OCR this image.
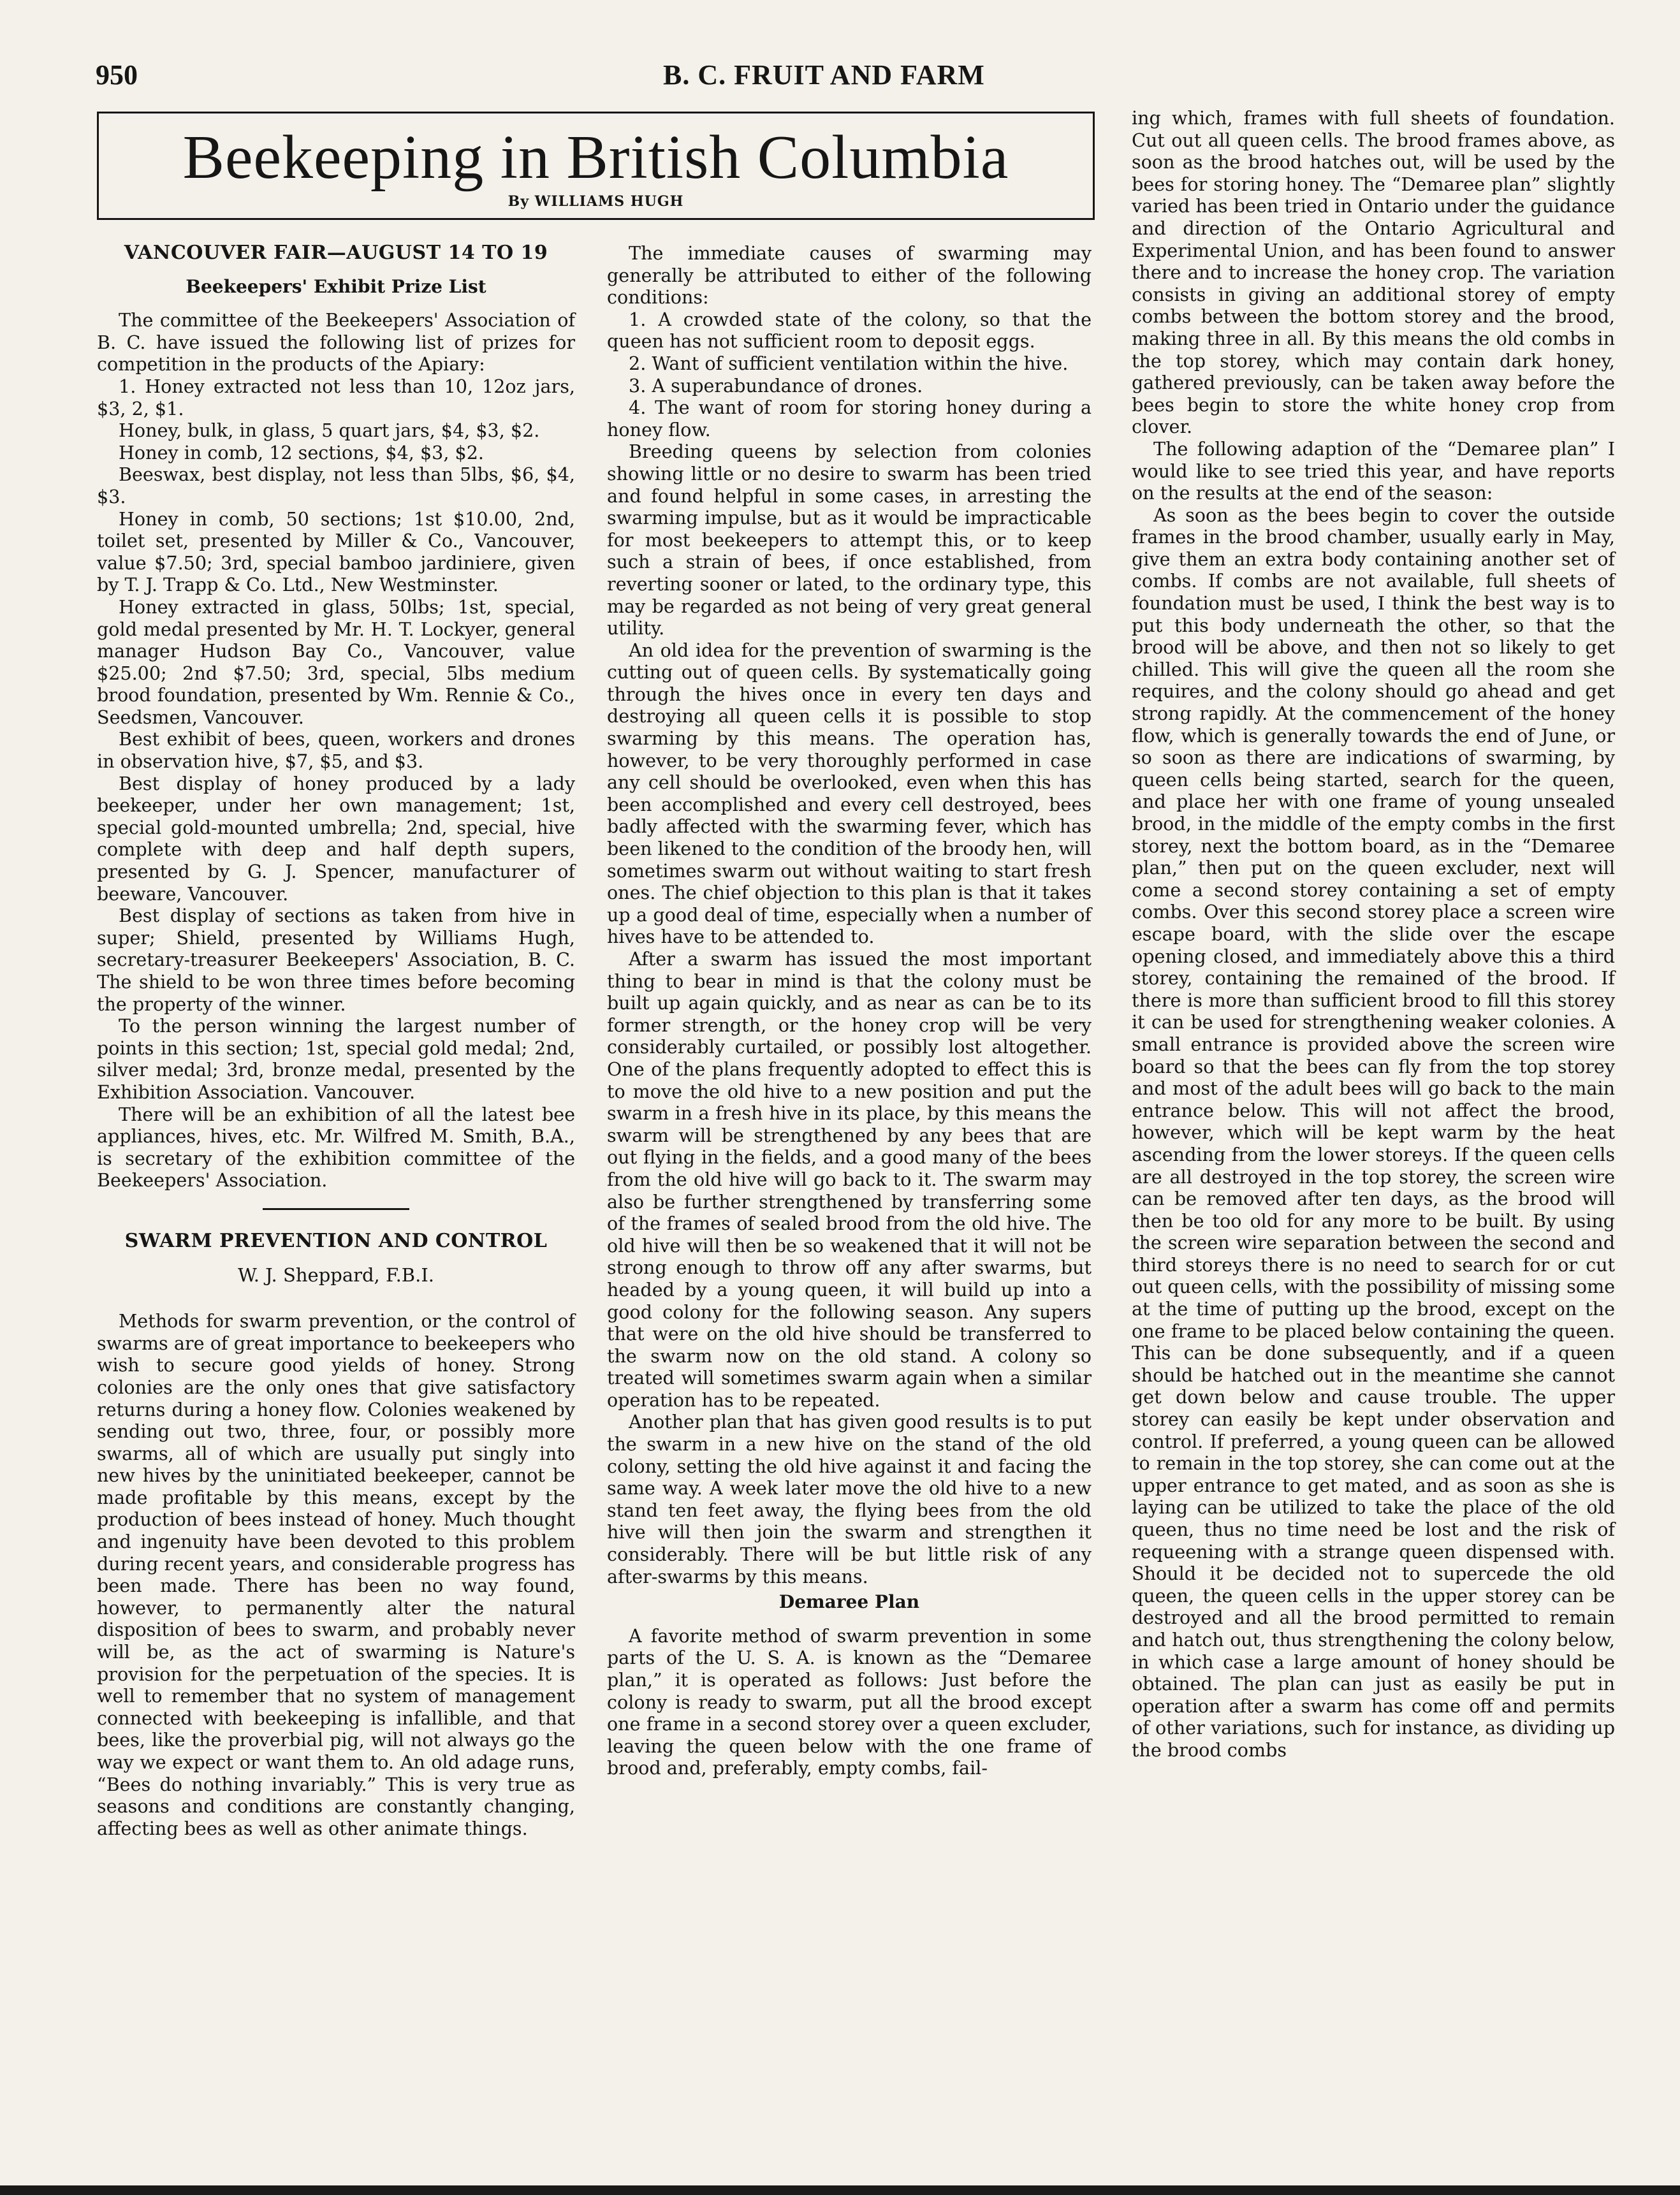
950	B. C. FRUIT AND FARM
Beekeeping in British Columbia
By WILLIAMS HUGH
VANCOUVER FAIR—AUGUST 14 TO 19
Beekeepers' Exhibit Prize List

The committee of the Beekeepers' Association of B. C. have issued the following list of prizes for competition in the products of the Apiary:

1. Honey extracted not less than 10, 12oz jars, $3, 2, $1.

Honey, bulk, in glass, 5 quart jars, $4, $3, $2.

Honey in comb, 12 sections, $4, $3, $2.

Beeswax, best display, not less than 5lbs, $6, $4, $3.

Honey in comb, 50 sections; 1st $10.00, 2nd, toilet set, presented by Miller & Co., Vancouver, value $7.50; 3rd, special bamboo jardiniere, given by T. J. Trapp & Co. Ltd., New Westminster.

Honey extracted in glass, 50lbs; 1st, special, gold medal presented by Mr. H. T. Lockyer, general manager Hudson Bay Co., Vancouver, value $25.00; 2nd $7.50; 3rd, special, 5lbs medium brood foundation, presented by Wm. Rennie & Co., Seedsmen, Vancouver.

Best exhibit of bees, queen, workers and drones in observation hive, $7, $5, and $3.

Best display of honey produced by a lady beekeeper, under her own management; 1st, special gold-mounted umbrella; 2nd, special, hive complete with deep and half depth supers, presented by G. J. Spencer, manufacturer of beeware, Vancouver.

Best display of sections as taken from hive in super; Shield, presented by Williams Hugh, secretary-treasurer Beekeepers' Association, B. C. The shield to be won three times before becoming the property of the winner.

To the person winning the largest number of points in this section; 1st, special gold medal; 2nd, silver medal; 3rd, bronze medal, presented by the Exhibition Association. Vancouver.

There will be an exhibition of all the latest bee appliances, hives, etc. Mr. Wilfred M. Smith, B.A., is secretary of the exhibition committee of the Beekeepers' Association.

SWARM PREVENTION AND CONTROL
W. J. Sheppard, F.B.I.

Methods for swarm prevention, or the control of swarms are of great importance to beekeepers who wish to secure good yields of honey. Strong colonies are the only ones that give satisfactory returns during a honey flow. Colonies weakened by sending out two, three, four, or possibly more swarms, all of which are usually put singly into new hives by the uninitiated beekeeper, cannot be made profitable by this means, except by the production of bees instead of honey. Much thought and ingenuity have been devoted to this problem during recent years, and considerable progress has been made. There has been no way found, however, to permanently alter the natural disposition of bees to swarm, and probably never will be, as the act of swarming is Nature's provision for the perpetuation of the species. It is well to remember that no system of management connected with beekeeping is infallible, and that bees, like the proverbial pig, will not always go the way we expect or want them to. An old adage runs, “Bees do nothing invariably.” This is very true as seasons and conditions are constantly changing, affecting bees as well as other animate things.

The immediate causes of swarming may generally be attributed to either of the following conditions:

1. A crowded state of the colony, so that the queen has not sufficient room to deposit eggs.

2. Want of sufficient ventilation within the hive.

3. A superabundance of drones.

4. The want of room for storing honey during a honey flow.

Breeding queens by selection from colonies showing little or no desire to swarm has been tried and found helpful in some cases, in arresting the swarming impulse, but as it would be impracticable for most beekeepers to attempt this, or to keep such a strain of bees, if once established, from reverting sooner or lated, to the ordinary type, this may be regarded as not being of very great general utility.

An old idea for the prevention of swarming is the cutting out of queen cells. By systematically going through the hives once in every ten days and destroying all queen cells it is possible to stop swarming by this means. The operation has, however, to be very thoroughly performed in case any cell should be overlooked, even when this has been accomplished and every cell destroyed, bees badly affected with the swarming fever, which has been likened to the condition of the broody hen, will sometimes swarm out without waiting to start fresh ones. The chief objection to this plan is that it takes up a good deal of time, especially when a number of hives have to be attended to.

After a swarm has issued the most important thing to bear in mind is that the colony must be built up again quickly, and as near as can be to its former strength, or the honey crop will be very considerably curtailed, or possibly lost altogether. One of the plans frequently adopted to effect this is to move the old hive to a new position and put the swarm in a fresh hive in its place, by this means the swarm will be strengthened by any bees that are out flying in the fields, and a good many of the bees from the old hive will go back to it. The swarm may also be further strengthened by transferring some of the frames of sealed brood from the old hive. The old hive will then be so weakened that it will not be strong enough to throw off any after swarms, but headed by a young queen, it will build up into a good colony for the following season. Any supers that were on the old hive should be transferred to the swarm now on the old stand. A colony so treated will sometimes swarm again when a similar operation has to be repeated.

Another plan that has given good results is to put the swarm in a new hive on the stand of the old colony, setting the old hive against it and facing the same way. A week later move the old hive to a new stand ten feet away, the flying bees from the old hive will then join the swarm and strengthen it considerably. There will be but little risk of any after-swarms by this means.

Demaree Plan

A favorite method of swarm prevention in some parts of the U. S. A. is known as the “Demaree plan,” it is operated as follows: Just before the colony is ready to swarm, put all the brood except one frame in a second storey over a queen excluder, leaving the queen below with the one frame of brood and, preferably, empty combs, fail-

ing which, frames with full sheets of foundation. Cut out all queen cells. The brood frames above, as soon as the brood hatches out, will be used by the bees for storing honey. The “Demaree plan” slightly varied has been tried in Ontario under the guidance and direction of the Ontario Agricultural and Experimental Union, and has been found to answer there and to increase the honey crop. The variation consists in giving an additional storey of empty combs between the bottom storey and the brood, making three in all. By this means the old combs in the top storey, which may contain dark honey, gathered previously, can be taken away before the bees begin to store the white honey crop from clover.

The following adaption of the “Demaree plan” I would like to see tried this year, and have reports on the results at the end of the season:

As soon as the bees begin to cover the outside frames in the brood chamber, usually early in May, give them an extra body containing another set of combs. If combs are not available, full sheets of foundation must be used, I think the best way is to put this body underneath the other, so that the brood will be above, and then not so likely to get chilled. This will give the queen all the room she requires, and the colony should go ahead and get strong rapidly. At the commencement of the honey flow, which is generally towards the end of June, or so soon as there are indications of swarming, by queen cells being started, search for the queen, and place her with one frame of young unsealed brood, in the middle of the empty combs in the first storey, next the bottom board, as in the “Demaree plan,” then put on the queen excluder, next will come a second storey containing a set of empty combs. Over this second storey place a screen wire escape board, with the slide over the escape opening closed, and immediately above this a third storey, containing the remained of the brood. If there is more than sufficient brood to fill this storey it can be used for strengthening weaker colonies. A small entrance is provided above the screen wire board so that the bees can fly from the top storey and most of the adult bees will go back to the main entrance below. This will not affect the brood, however, which will be kept warm by the heat ascending from the lower storeys. If the queen cells are all destroyed in the top storey, the screen wire can be removed after ten days, as the brood will then be too old for any more to be built. By using the screen wire separation between the second and third storeys there is no need to search for or cut out queen cells, with the possibility of missing some at the time of putting up the brood, except on the one frame to be placed below containing the queen. This can be done subsequently, and if a queen should be hatched out in the meantime she cannot get down below and cause trouble. The upper storey can easily be kept under observation and control. If preferred, a young queen can be allowed to remain in the top storey, she can come out at the upper entrance to get mated, and as soon as she is laying can be utilized to take the place of the old queen, thus no time need be lost and the risk of requeening with a strange queen dispensed with. Should it be decided not to supercede the old queen, the queen cells in the upper storey can be destroyed and all the brood permitted to remain and hatch out, thus strengthening the colony below, in which case a large amount of honey should be obtained. The plan can just as easily be put in operation after a swarm has come off and permits of other variations, such for instance, as dividing up the brood combs
